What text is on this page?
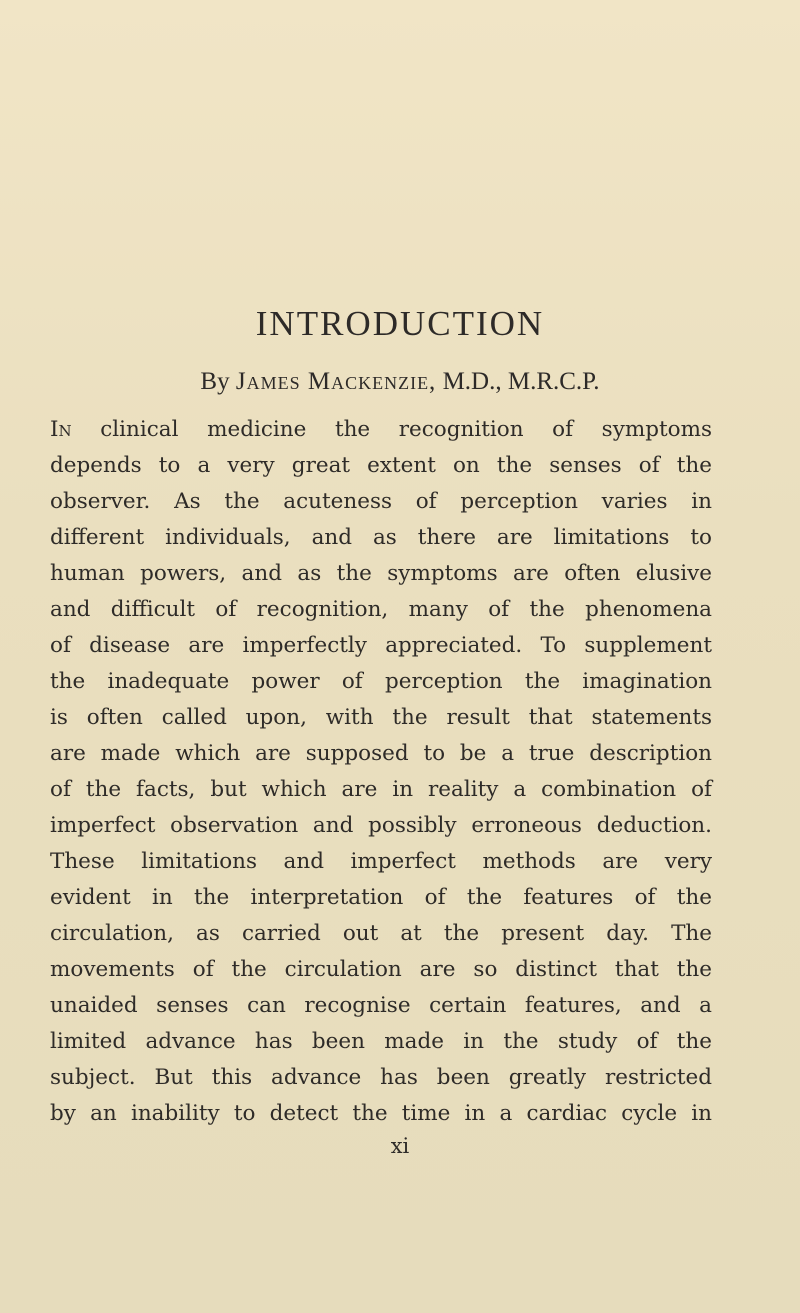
INTRODUCTION
By James Mackenzie, M.D., M.R.C.P.
In clinical medicine the recognition of symptoms
depends to a very great extent on the senses of the
observer. As the acuteness of perception varies in
different individuals, and as there are limitations to
human powers, and as the symptoms are often elusive
and difficult of recognition, many of the phenomena
of disease are imperfectly appreciated. To supplement
the inadequate power of perception the imagination
is often called upon, with the result that statements
are made which are supposed to be a true description
of the facts, but which are in reality a combination of
imperfect observation and possibly erroneous deduction.
These limitations and imperfect methods are very
evident in the interpretation of the features of the
circulation, as carried out at the present day. The
movements of the circulation are so distinct that the
unaided senses can recognise certain features, and a
limited advance has been made in the study of the
subject. But this advance has been greatly restricted
by an inability to detect the time in a cardiac cycle in
xi
